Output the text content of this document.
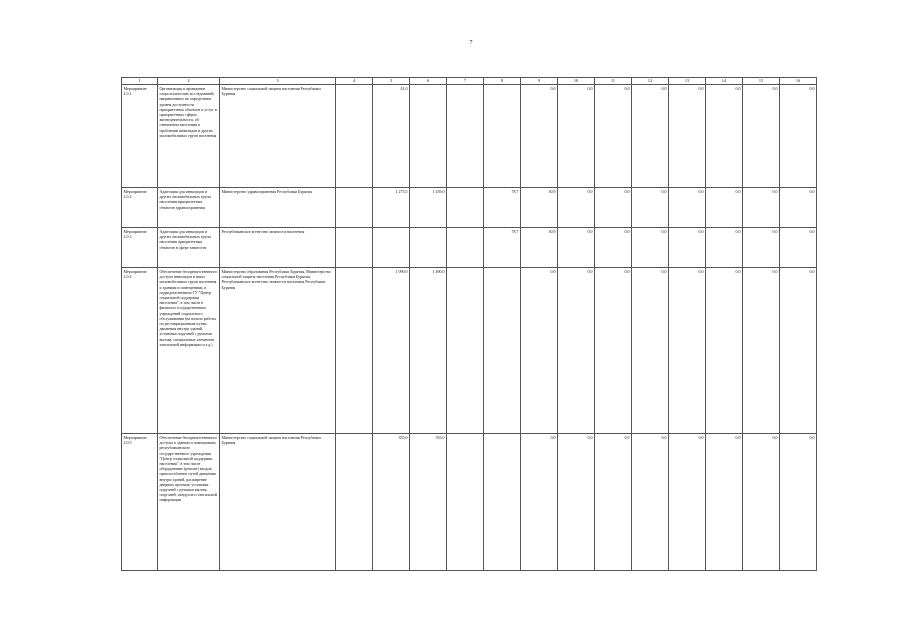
7
1	2	3	4	5	6	7	8	9	10	11	12	13	14	15	16
Мероприятие 2.0.1	Организация и проведение социологических исследований, направленных на определение уровня доступности приоритетных объектов и услуг в приоритетных сферах жизнедеятельности, об отношении населения к проблемам инвалидов и других маломобильных групп населения	Министерство социальной защиты населения Республики Бурятия		41,0				0,0	0,0	0,0	0,0	0,0	0,0	0,0	0,0
Мероприятие 2.0.2	Адаптация для инвалидов и других маломобильных групп населения приоритетных объектов здравоохранения	Министерство здравоохранения Республики Бурятия		1 273,5	1 459,0		78,7	30,9	0,0	0,0	0,0	0,0	0,0	0,0	0,0
Мероприятие 2.0.3	Адаптация для инвалидов и других маломобильных групп населения приоритетных объектов в сфере занятости	Республиканское агентство занятости населения					78,7	30,9	0,0	0,0	0,0	0,0	0,0	0,0	0,0
Мероприятие 2.0.4	Обеспечение беспрепятственного доступа инвалидов и иных маломобильных групп населения к зданиям и помещениям, в подведомственном ГУ "Центр социальной поддержки населения", в том числе в филиалах государственных учреждений социального обслуживания (на начало работы по реставрационным путям движения внутри зданий, установка поручней с ручками вызова, специальных элементов тактильной информации и т.д.)	Министерство образования Республики Бурятия, Министерство социальной защиты населения Республики Бурятия, Республиканское агентство занятости населения Республики Бурятия		1 090,0	1 490,0			0,0	0,0	0,0	0,0	0,0	0,0	0,0	0,0
Мероприятие 2.0.5	Обеспечение беспрепятственного доступа к зданию и помещениям республиканского государственного учреждения "Центр социальной поддержки населения", в том числе оборудование (ремонт) входов, приспособление путей движения внутри зданий, расширение дверных проемов, установка поручней с ручками вызова, поручней, пандусов и тактильной информации	Министерство социальной защиты населения Республики Бурятия		355,0	355,0			0,0	0,0	0,0	0,0	0,0	0,0	0,0	0,0
